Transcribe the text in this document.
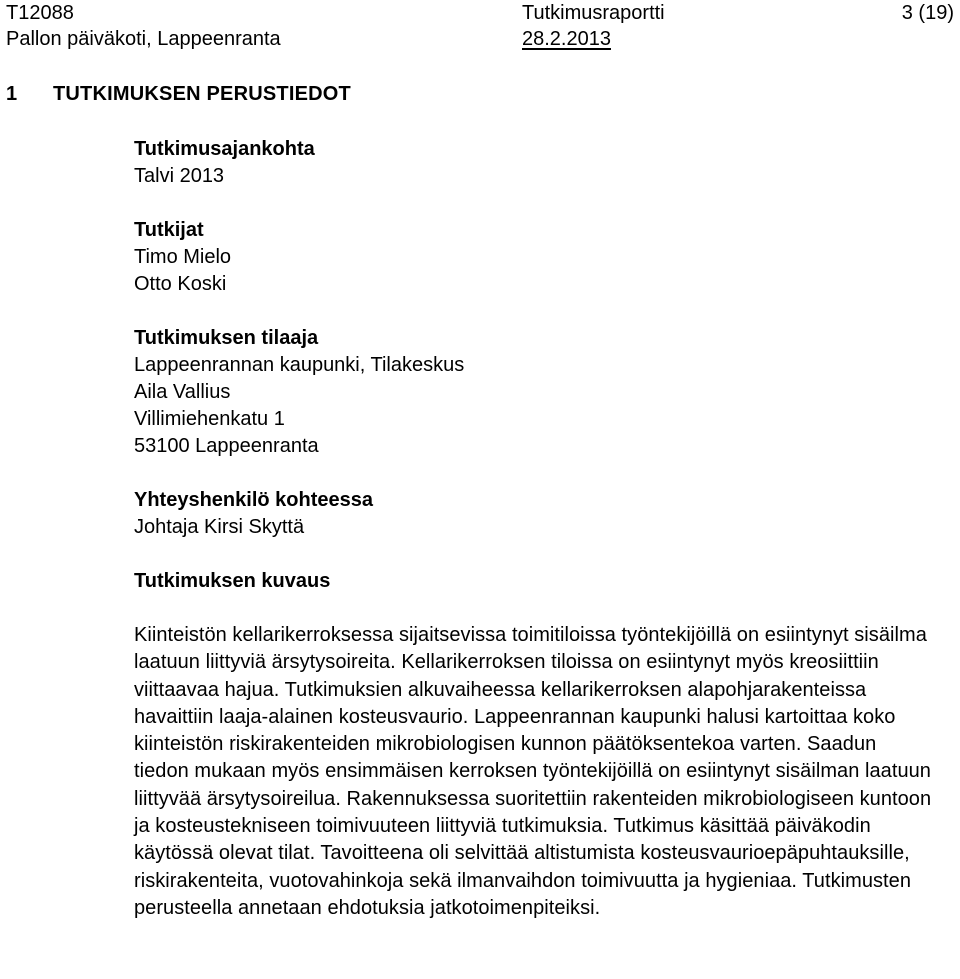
T12088	Tutkimusraportti	3 (19)
Pallon päiväkoti, Lappeenranta	28.2.2013
1 TUTKIMUKSEN PERUSTIEDOT
Tutkimusajankohta
Talvi 2013
Tutkijat
Timo Mielo
Otto Koski
Tutkimuksen tilaaja
Lappeenrannan kaupunki, Tilakeskus
Aila Vallius
Villimiehenkatu 1
53100 Lappeenranta
Yhteyshenkilö kohteessa
Johtaja Kirsi Skyttä
Tutkimuksen kuvaus

Kiinteistön kellarikerroksessa sijaitsevissa toimitiloissa työntekijöillä on esiintynyt sisäilma laatuun liittyviä ärsytysoireita. Kellarikerroksen tiloissa on esiintynyt myös kreosiittiin viittaavaa hajua. Tutkimuksien alkuvaiheessa kellarikerroksen alapohjarakenteissa havaittiin laaja-alainen kosteusvaurio. Lappeenrannan kaupunki halusi kartoittaa koko kiinteistön riskirakenteiden mikrobiologisen kunnon päätöksentekoa varten. Saadun tiedon mukaan myös ensimmäisen kerroksen työntekijöillä on esiintynyt sisäilman laatuun liittyvää ärsytysoireilua. Rakennuksessa suoritettiin rakenteiden mikrobiologiseen kuntoon ja kosteustekniseen toimivuuteen liittyviä tutkimuksia. Tutkimus käsittää päiväkodin käytössä olevat tilat. Tavoitteena oli selvittää altistumista kosteusvaurioepäpuhtauksille, riskirakenteita, vuotovahinkoja sekä ilmanvaihdon toimivuutta ja hygieniaa. Tutkimusten perusteella annetaan ehdotuksia jatkotoimenpiteiksi.
